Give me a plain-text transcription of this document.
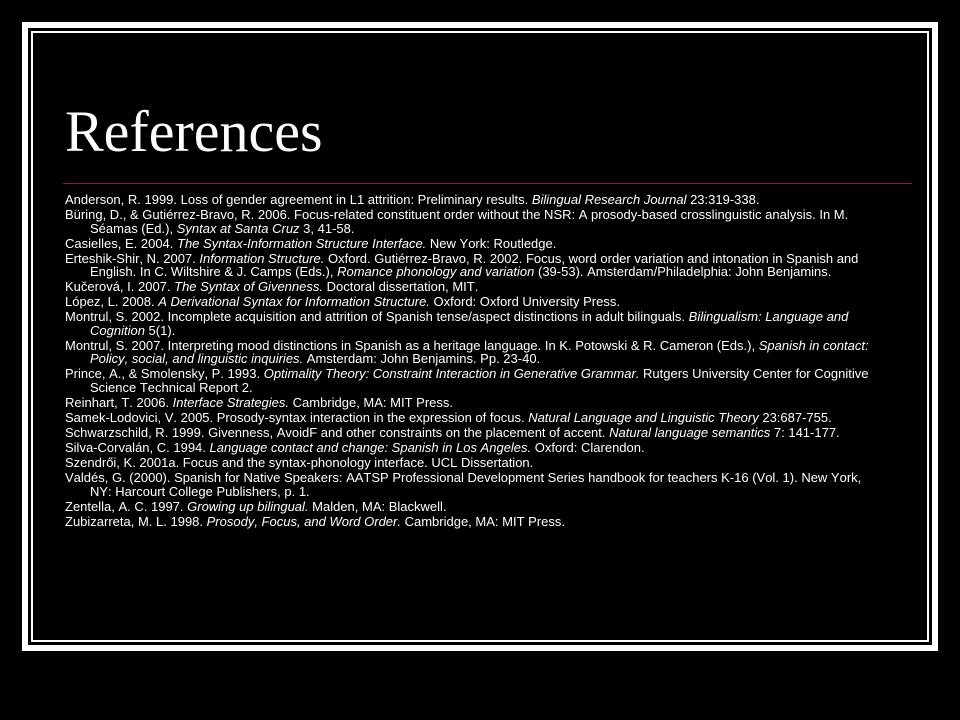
References
Anderson, R. 1999. Loss of gender agreement in L1 attrition: Preliminary results. Bilingual Research Journal 23:319-338.
Büring, D., & Gutiérrez-Bravo, R. 2006. Focus-related constituent order without the NSR: A prosody-based crosslinguistic analysis. In M. Séamas (Ed.), Syntax at Santa Cruz 3, 41-58.
Casielles, E. 2004. The Syntax-Information Structure Interface. New York: Routledge.
Erteshik-Shir, N. 2007. Information Structure. Oxford. Gutiérrez-Bravo, R. 2002. Focus, word order variation and intonation in Spanish and English. In C. Wiltshire & J. Camps (Eds.), Romance phonology and variation (39-53). Amsterdam/Philadelphia: John Benjamins.
Kučerová, I. 2007. The Syntax of Givenness. Doctoral dissertation, MIT.
López, L. 2008. A Derivational Syntax for Information Structure. Oxford: Oxford University Press.
Montrul, S. 2002. Incomplete acquisition and attrition of Spanish tense/aspect distinctions in adult bilinguals. Bilingualism: Language and Cognition 5(1).
Montrul, S. 2007. Interpreting mood distinctions in Spanish as a heritage language. In K. Potowski & R. Cameron (Eds.), Spanish in contact: Policy, social, and linguistic inquiries. Amsterdam: John Benjamins. Pp. 23-40.
Prince, A., & Smolensky, P. 1993. Optimality Theory: Constraint Interaction in Generative Grammar. Rutgers University Center for Cognitive Science Technical Report 2.
Reinhart, T. 2006. Interface Strategies. Cambridge, MA: MIT Press.
Samek-Lodovici, V. 2005. Prosody-syntax interaction in the expression of focus. Natural Language and Linguistic Theory 23:687-755.
Schwarzschild, R. 1999. Givenness, AvoidF and other constraints on the placement of accent. Natural language semantics 7: 141-177.
Silva-Corvalán, C. 1994. Language contact and change: Spanish in Los Angeles. Oxford: Clarendon.
Szendrői, K. 2001a. Focus and the syntax-phonology interface. UCL Dissertation.
Valdés, G. (2000). Spanish for Native Speakers: AATSP Professional Development Series handbook for teachers K-16 (Vol. 1). New York, NY: Harcourt College Publishers, p. 1.
Zentella, A. C. 1997. Growing up bilingual. Malden, MA: Blackwell.
Zubizarreta, M. L. 1998. Prosody, Focus, and Word Order. Cambridge, MA: MIT Press.
